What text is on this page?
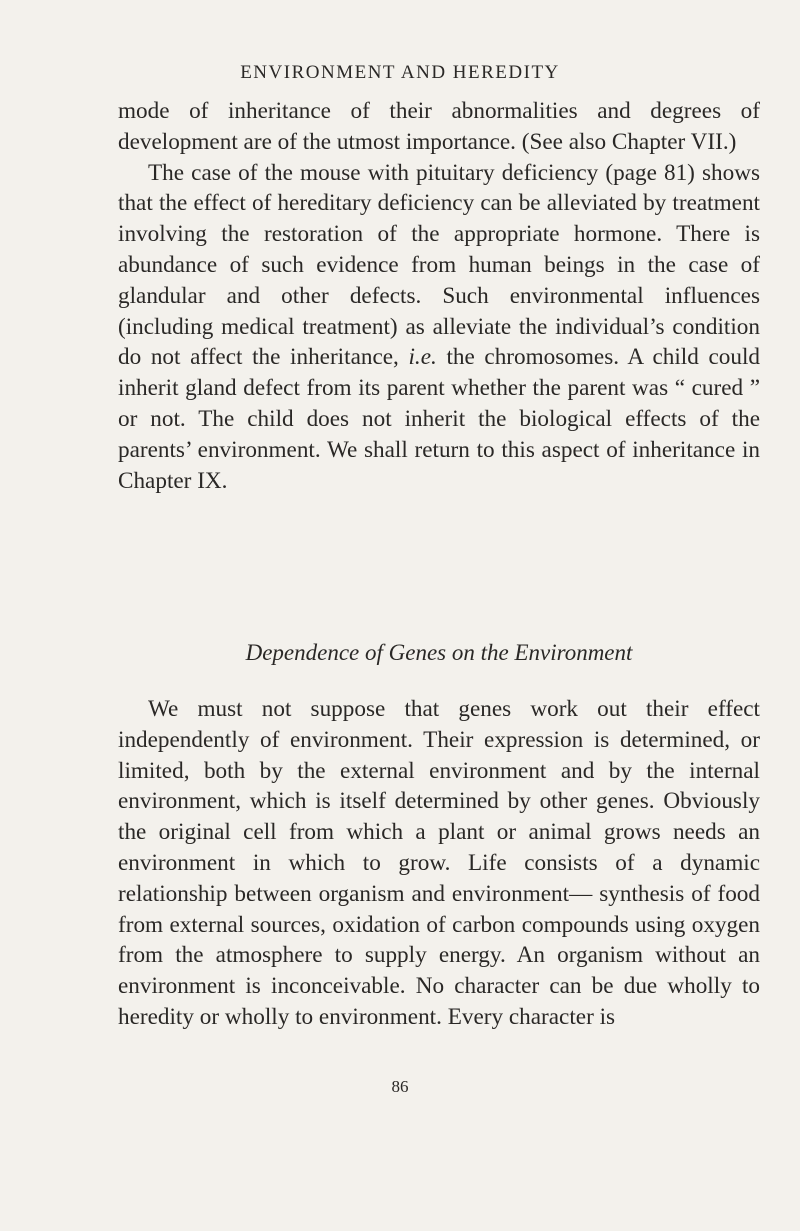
ENVIRONMENT AND HEREDITY

mode of inheritance of their abnormalities and degrees of development are of the utmost importance. (See also Chapter VII.)

The case of the mouse with pituitary deficiency (page 81) shows that the effect of hereditary deficiency can be alleviated by treatment involving the restoration of the appropriate hormone. There is abundance of such evidence from human beings in the case of glandular and other defects. Such environmental influences (including medical treatment) as alleviate the individual’s condition do not affect the inheritance, i.e. the chromosomes. A child could inherit gland defect from its parent whether the parent was “ cured ” or not. The child does not inherit the biological effects of the parents’ environment. We shall return to this aspect of inheritance in Chapter IX.

Dependence of Genes on the Environment

We must not suppose that genes work out their effect independently of environment. Their expression is determined, or limited, both by the external environment and by the internal environment, which is itself determined by other genes. Obviously the original cell from which a plant or animal grows needs an environment in which to grow. Life consists of a dynamic relationship between organism and environment— synthesis of food from external sources, oxidation of carbon compounds using oxygen from the atmosphere to supply energy. An organism without an environment is inconceivable. No character can be due wholly to heredity or wholly to environment. Every character is

86
